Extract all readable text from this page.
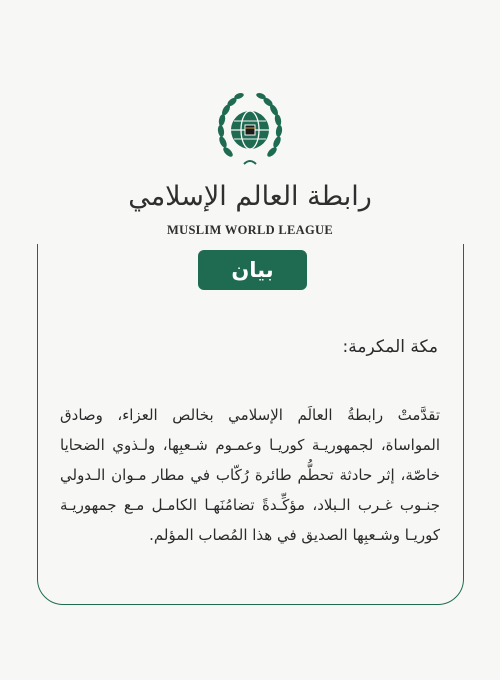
رابطة العالم الإسلامي
MUSLIM WORLD LEAGUE
بيان
مكة المكرمة:
تقدَّمتْ رابطةُ العالَم الإسلامي بخالص العزاء، وصادق المواساة، لجمهوريـة كوريـا وعمـوم شـعبِها، ولـذوي الضحايا خاصّة، إثر حادثة تحطُّم طائرة رُكّاب في مطار مـوان الـدولي جنـوب غـرب الـبلاد، مؤكِّـدةً تضامُنَهـا الكامـل مـع جمهوريـة كوريـا وشـعبِها الصديق في هذا المُصاب المؤلم.
